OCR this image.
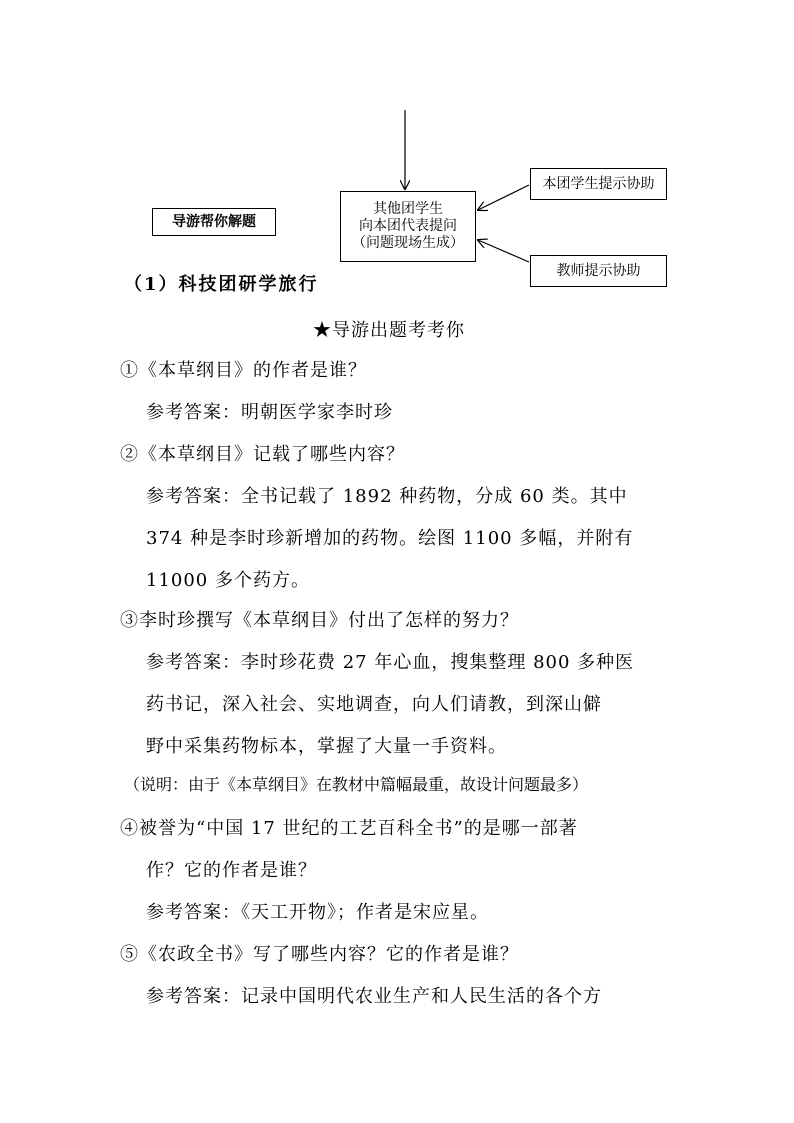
导游帮你解题
其他团学生
向本团代表提问
（问题现场生成）
本团学生提示协助
教师提示协助
（1）科技团研学旅行
★导游出题考考你
①《本草纲目》的作者是谁？
参考答案：明朝医学家李时珍
②《本草纲目》记载了哪些内容？
参考答案：全书记载了 1892 种药物，分成 60 类。其中
374 种是李时珍新增加的药物。绘图 1100 多幅，并附有
11000 多个药方。
③李时珍撰写《本草纲目》付出了怎样的努力？
参考答案：李时珍花费 27 年心血，搜集整理 800 多种医
药书记，深入社会、实地调查，向人们请教，到深山僻
野中采集药物标本，掌握了大量一手资料。
（说明：由于《本草纲目》在教材中篇幅最重，故设计问题最多）
④被誉为“中国 17 世纪的工艺百科全书”的是哪一部著
作？它的作者是谁？
参考答案：《天工开物》；作者是宋应星。
⑤《农政全书》写了哪些内容？它的作者是谁？
参考答案：记录中国明代农业生产和人民生活的各个方
